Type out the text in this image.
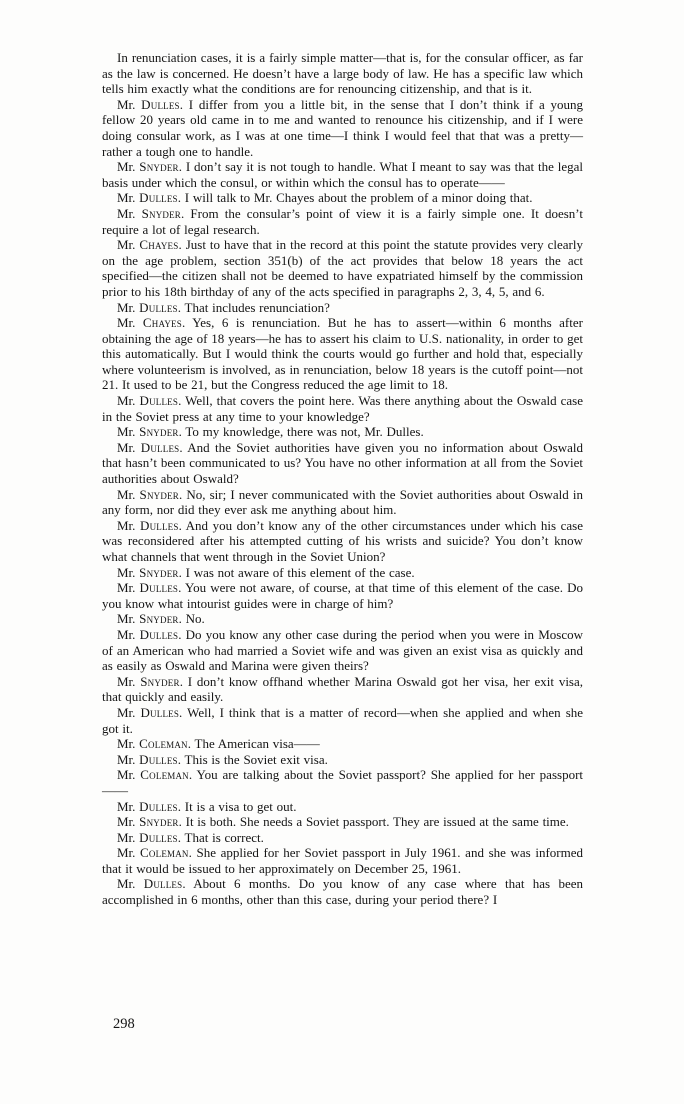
In renunciation cases, it is a fairly simple matter—that is, for the consular officer, as far as the law is concerned. He doesn’t have a large body of law. He has a specific law which tells him exactly what the conditions are for renouncing citizenship, and that is it.

Mr. Dulles. I differ from you a little bit, in the sense that I don’t think if a young fellow 20 years old came in to me and wanted to renounce his citizenship, and if I were doing consular work, as I was at one time—I think I would feel that that was a pretty—rather a tough one to handle.

Mr. Snyder. I don’t say it is not tough to handle. What I meant to say was that the legal basis under which the consul, or within which the consul has to operate——

Mr. Dulles. I will talk to Mr. Chayes about the problem of a minor doing that.

Mr. Snyder. From the consular’s point of view it is a fairly simple one. It doesn’t require a lot of legal research.

Mr. Chayes. Just to have that in the record at this point the statute provides very clearly on the age problem, section 351(b) of the act provides that below 18 years the act specified—the citizen shall not be deemed to have expatriated himself by the commission prior to his 18th birthday of any of the acts specified in paragraphs 2, 3, 4, 5, and 6.

Mr. Dulles. That includes renunciation?

Mr. Chayes. Yes, 6 is renunciation. But he has to assert—within 6 months after obtaining the age of 18 years—he has to assert his claim to U.S. nationality, in order to get this automatically. But I would think the courts would go further and hold that, especially where volunteerism is involved, as in renunciation, below 18 years is the cutoff point—not 21. It used to be 21, but the Congress reduced the age limit to 18.

Mr. Dulles. Well, that covers the point here. Was there anything about the Oswald case in the Soviet press at any time to your knowledge?

Mr. Snyder. To my knowledge, there was not, Mr. Dulles.

Mr. Dulles. And the Soviet authorities have given you no information about Oswald that hasn’t been communicated to us? You have no other information at all from the Soviet authorities about Oswald?

Mr. Snyder. No, sir; I never communicated with the Soviet authorities about Oswald in any form, nor did they ever ask me anything about him.

Mr. Dulles. And you don’t know any of the other circumstances under which his case was reconsidered after his attempted cutting of his wrists and suicide? You don’t know what channels that went through in the Soviet Union?

Mr. Snyder. I was not aware of this element of the case.

Mr. Dulles. You were not aware, of course, at that time of this element of the case. Do you know what intourist guides were in charge of him?

Mr. Snyder. No.

Mr. Dulles. Do you know any other case during the period when you were in Moscow of an American who had married a Soviet wife and was given an exist visa as quickly and as easily as Oswald and Marina were given theirs?

Mr. Snyder. I don’t know offhand whether Marina Oswald got her visa, her exit visa, that quickly and easily.

Mr. Dulles. Well, I think that is a matter of record—when she applied and when she got it.

Mr. Coleman. The American visa——

Mr. Dulles. This is the Soviet exit visa.

Mr. Coleman. You are talking about the Soviet passport? She applied for her passport——

Mr. Dulles. It is a visa to get out.

Mr. Snyder. It is both. She needs a Soviet passport. They are issued at the same time.

Mr. Dulles. That is correct.

Mr. Coleman. She applied for her Soviet passport in July 1961. and she was informed that it would be issued to her approximately on December 25, 1961.

Mr. Dulles. About 6 months. Do you know of any case where that has been accomplished in 6 months, other than this case, during your period there? I

298
